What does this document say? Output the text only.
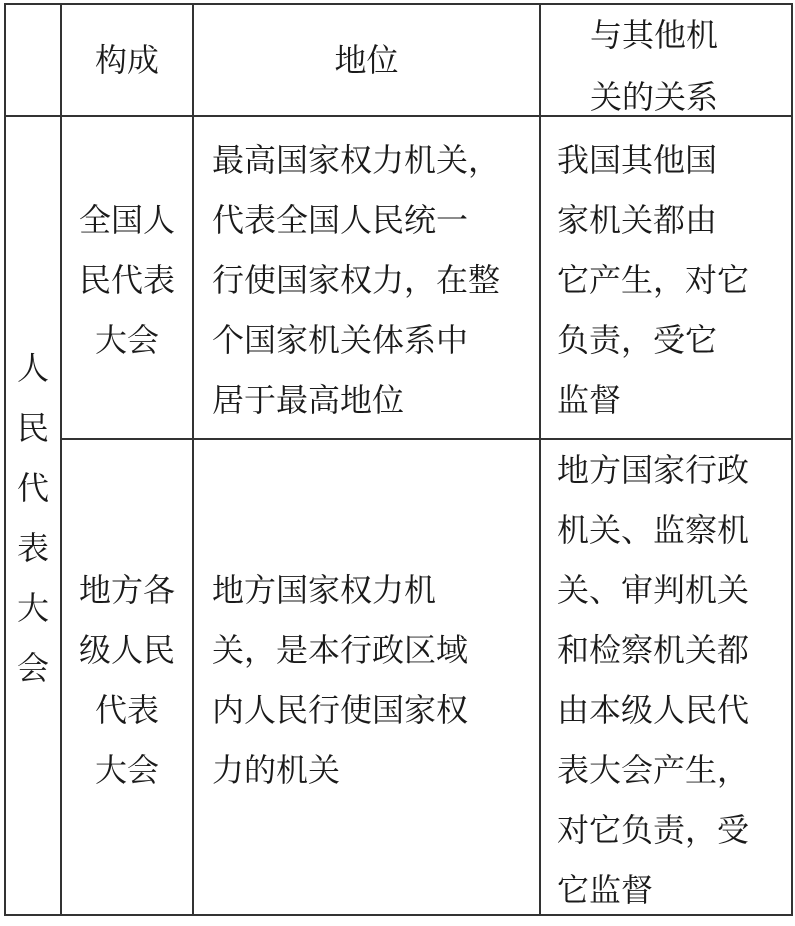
构成	地位
与其他机
关的关系
人
民
代
表
大
会
全国人
民代表
大会
最高国家权力机关，
代表全国人民统一
行使国家权力，在整
个国家机关体系中
居于最高地位
我国其他国
家机关都由
它产生，对它
负责，受它
监督
地方各
级人民
代表
大会
地方国家权力机
关，是本行政区域
内人民行使国家权
力的机关
地方国家行政
机关、监察机
关、审判机关
和检察机关都
由本级人民代
表大会产生，
对它负责，受
它监督
